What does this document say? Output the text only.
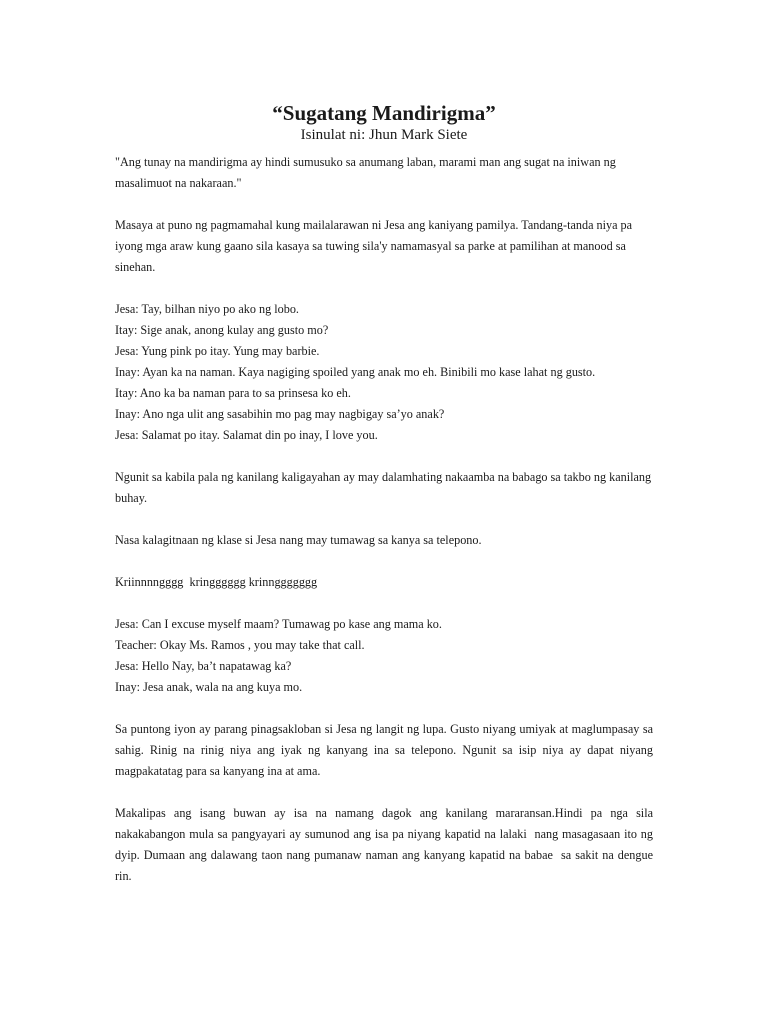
“Sugatang Mandirigma”
Isinulat ni: Jhun Mark Siete

"Ang tunay na mandirigma ay hindi sumusuko sa anumang laban, marami man ang sugat na iniwan ng masalimuot na nakaraan."

Masaya at puno ng pagmamahal kung mailalarawan ni Jesa ang kaniyang pamilya. Tandang-tanda niya pa iyong mga araw kung gaano sila kasaya sa tuwing sila'y namamasyal sa parke at pamilihan at manood sa sinehan.

Jesa: Tay, bilhan niyo po ako ng lobo.
Itay: Sige anak, anong kulay ang gusto mo?
Jesa: Yung pink po itay. Yung may barbie.
Inay: Ayan ka na naman. Kaya nagiging spoiled yang anak mo eh. Binibili mo kase lahat ng gusto.
Itay: Ano ka ba naman para to sa prinsesa ko eh.
Inay: Ano nga ulit ang sasabihin mo pag may nagbigay sa’yo anak?
Jesa: Salamat po itay. Salamat din po inay, I love you.

Ngunit sa kabila pala ng kanilang kaligayahan ay may dalamhating nakaamba na babago sa takbo ng kanilang buhay.

Nasa kalagitnaan ng klase si Jesa nang may tumawag sa kanya sa telepono.

Kriinnnngggg  kringggggg krinnggggggg

Jesa: Can I excuse myself maam? Tumawag po kase ang mama ko.
Teacher: Okay Ms. Ramos , you may take that call.
Jesa: Hello Nay, ba’t napatawag ka?
Inay: Jesa anak, wala na ang kuya mo.

Sa puntong iyon ay parang pinagsakloban si Jesa ng langit ng lupa. Gusto niyang umiyak at maglumpasay sa sahig. Rinig na rinig niya ang iyak ng kanyang ina sa telepono. Ngunit sa isip niya ay dapat niyang magpakatatag para sa kanyang ina at ama.

Makalipas ang isang buwan ay isa na namang dagok ang kanilang mararansan.Hindi pa nga sila nakakabangon mula sa pangyayari ay sumunod ang isa pa niyang kapatid na lalaki  nang masagasaan ito ng dyip. Dumaan ang dalawang taon nang pumanaw naman ang kanyang kapatid na babae  sa sakit na dengue rin.
